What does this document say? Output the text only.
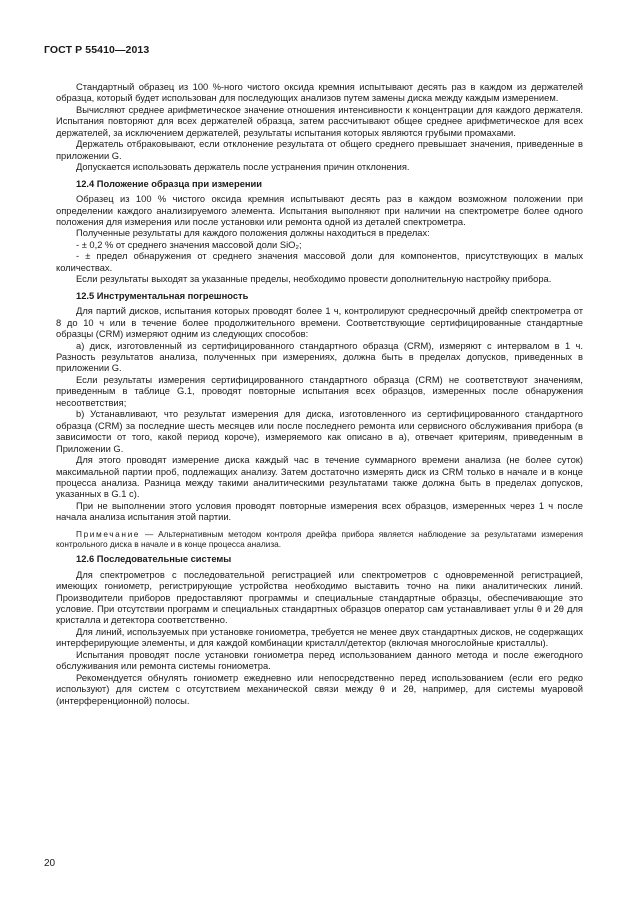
ГОСТ Р 55410—2013

Стандартный образец из 100 %-ного чистого оксида кремния испытывают десять раз в каждом из держателей образца, который будет использован для последующих анализов путем замены диска между каждым измерением.

Вычисляют среднее арифметическое значение отношения интенсивности к концентрации для каждого держателя. Испытания повторяют для всех держателей образца, затем рассчитывают общее среднее арифметическое для всех держателей, за исключением держателей, результаты испытания которых являются грубыми промахами.

Держатель отбраковывают, если отклонение результата от общего среднего превышает значения, приведенные в приложении G.

Допускается использовать держатель после устранения причин отклонения.

12.4 Положение образца при измерении

Образец из 100 % чистого оксида кремния испытывают десять раз в каждом возможном положении при определении каждого анализируемого элемента. Испытания выполняют при наличии на спектрометре более одного положения для измерения или после установки или ремонта одной из деталей спектрометра.

Полученные результаты для каждого положения должны находиться в пределах:

- ± 0,2 % от среднего значения массовой доли SiO₂;

- ± предел обнаружения от среднего значения массовой доли для компонентов, присутствующих в малых количествах.

Если результаты выходят за указанные пределы, необходимо провести дополнительную настройку прибора.

12.5 Инструментальная погрешность

Для партий дисков, испытания которых проводят более 1 ч, контролируют среднесрочный дрейф спектрометра от 8 до 10 ч или в течение более продолжительного времени. Соответствующие сертифицированные стандартные образцы (CRM) измеряют одним из следующих способов:

а) диск, изготовленный из сертифицированного стандартного образца (CRM), измеряют с интервалом в 1 ч. Разность результатов анализа, полученных при измерениях, должна быть в пределах допусков, приведенных в приложении G.

Если результаты измерения сертифицированного стандартного образца (CRM) не соответствуют значениям, приведенным в таблице G.1, проводят повторные испытания всех образцов, измеренных после обнаружения несоответствия;

b) Устанавливают, что результат измерения для диска, изготовленного из сертифицированного стандартного образца (CRM) за последние шесть месяцев или после последнего ремонта или сервисного обслуживания прибора (в зависимости от того, какой период короче), измеряемого как описано в а), отвечает критериям, приведенным в Приложении G.

Для этого проводят измерение диска каждый час в течение суммарного времени анализа (не более суток) максимальной партии проб, подлежащих анализу. Затем достаточно измерять диск из CRM только в начале и в конце процесса анализа. Разница между такими аналитическими результатами также должна быть в пределах допусков, указанных в G.1 с).

При не выполнении этого условия проводят повторные измерения всех образцов, измеренных через 1 ч после начала анализа испытания этой партии.

Примечание — Альтернативным методом контроля дрейфа прибора является наблюдение за результатами измерения контрольного диска в начале и в конце процесса анализа.

12.6 Последовательные системы

Для спектрометров с последовательной регистрацией или спектрометров с одновременной регистрацией, имеющих гониометр, регистрирующие устройства необходимо выставить точно на пики аналитических линий. Производители приборов предоставляют программы и специальные стандартные образцы, обеспечивающие это условие. При отсутствии программ и специальных стандартных образцов оператор сам устанавливает углы θ и 2θ для кристалла и детектора соответственно.

Для линий, используемых при установке гониометра, требуется не менее двух стандартных дисков, не содержащих интерферирующие элементы, и для каждой комбинации кристалл/детектор (включая многослойные кристаллы).

Испытания проводят после установки гониометра перед использованием данного метода и после ежегодного обслуживания или ремонта системы гониометра.

Рекомендуется обнулять гониометр ежедневно или непосредственно перед использованием (если его редко используют) для систем с отсутствием механической связи между θ и 2θ, например, для системы муаровой (интерференционной) полосы.

20
